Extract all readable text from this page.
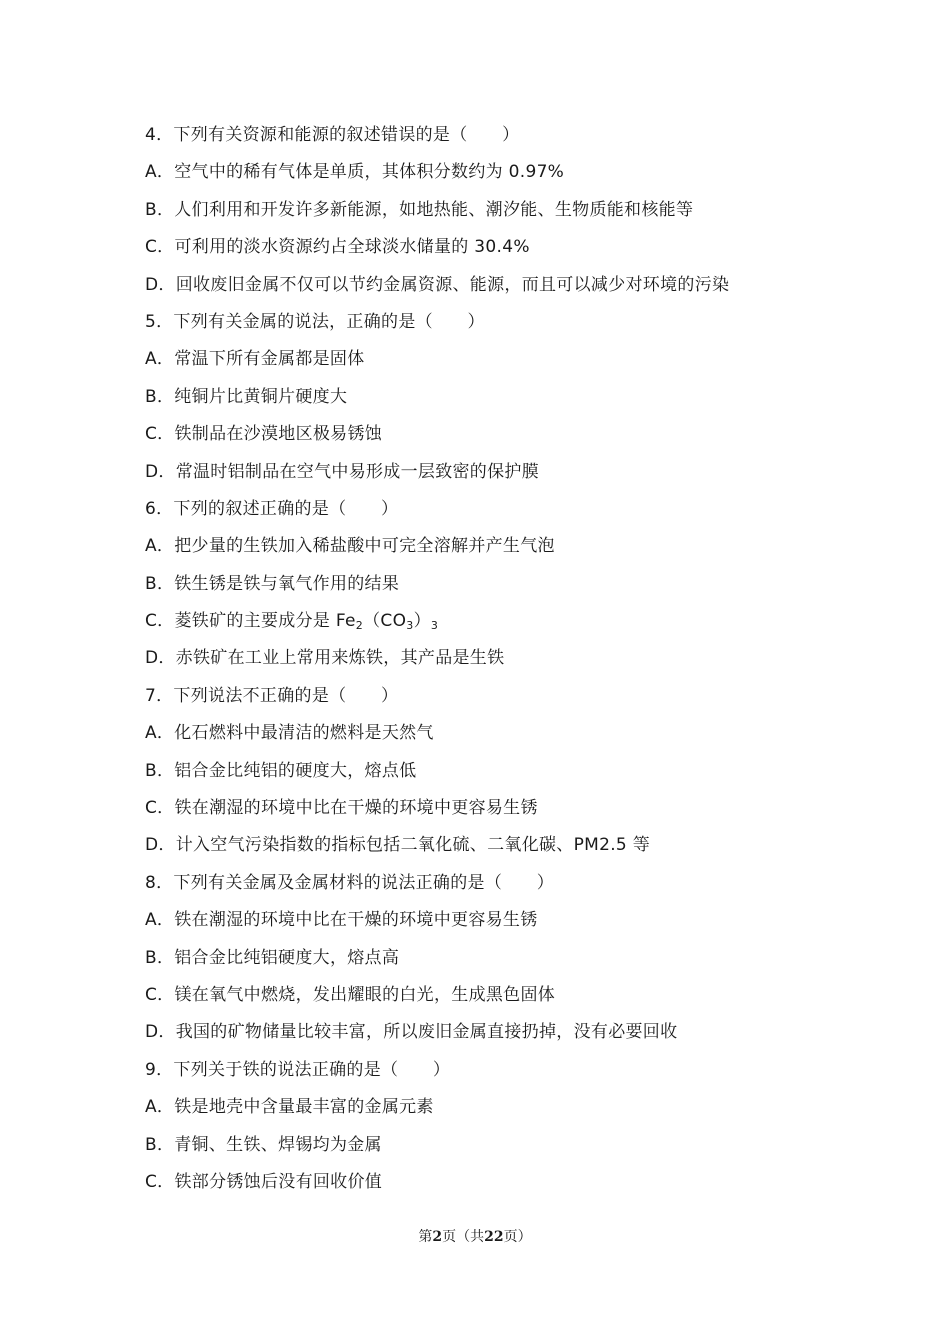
4．下列有关资源和能源的叙述错误的是（　　）
A．空气中的稀有气体是单质，其体积分数约为 0.97%
B．人们利用和开发许多新能源，如地热能、潮汐能、生物质能和核能等
C．可利用的淡水资源约占全球淡水储量的 30.4%
D．回收废旧金属不仅可以节约金属资源、能源，而且可以减少对环境的污染
5．下列有关金属的说法，正确的是（　　）
A．常温下所有金属都是固体
B．纯铜片比黄铜片硬度大
C．铁制品在沙漠地区极易锈蚀
D．常温时铝制品在空气中易形成一层致密的保护膜
6．下列的叙述正确的是（　　）
A．把少量的生铁加入稀盐酸中可完全溶解并产生气泡
B．铁生锈是铁与氧气作用的结果
C．菱铁矿的主要成分是 $Fe_2(CO_3)_3$
D．赤铁矿在工业上常用来炼铁，其产品是生铁
7．下列说法不正确的是（　　）
A．化石燃料中最清洁的燃料是天然气
B．铝合金比纯铝的硬度大，熔点低
C．铁在潮湿的环境中比在干燥的环境中更容易生锈
D．计入空气污染指数的指标包括二氧化硫、二氧化碳、PM2.5 等
8．下列有关金属及金属材料的说法正确的是（　　）
A．铁在潮湿的环境中比在干燥的环境中更容易生锈
B．铝合金比纯铝硬度大，熔点高
C．镁在氧气中燃烧，发出耀眼的白光，生成黑色固体
D．我国的矿物储量比较丰富，所以废旧金属直接扔掉，没有必要回收
9．下列关于铁的说法正确的是（　　）
A．铁是地壳中含量最丰富的金属元素
B．青铜、生铁、焊锡均为金属
C．铁部分锈蚀后没有回收价值
第2页（共22页）
